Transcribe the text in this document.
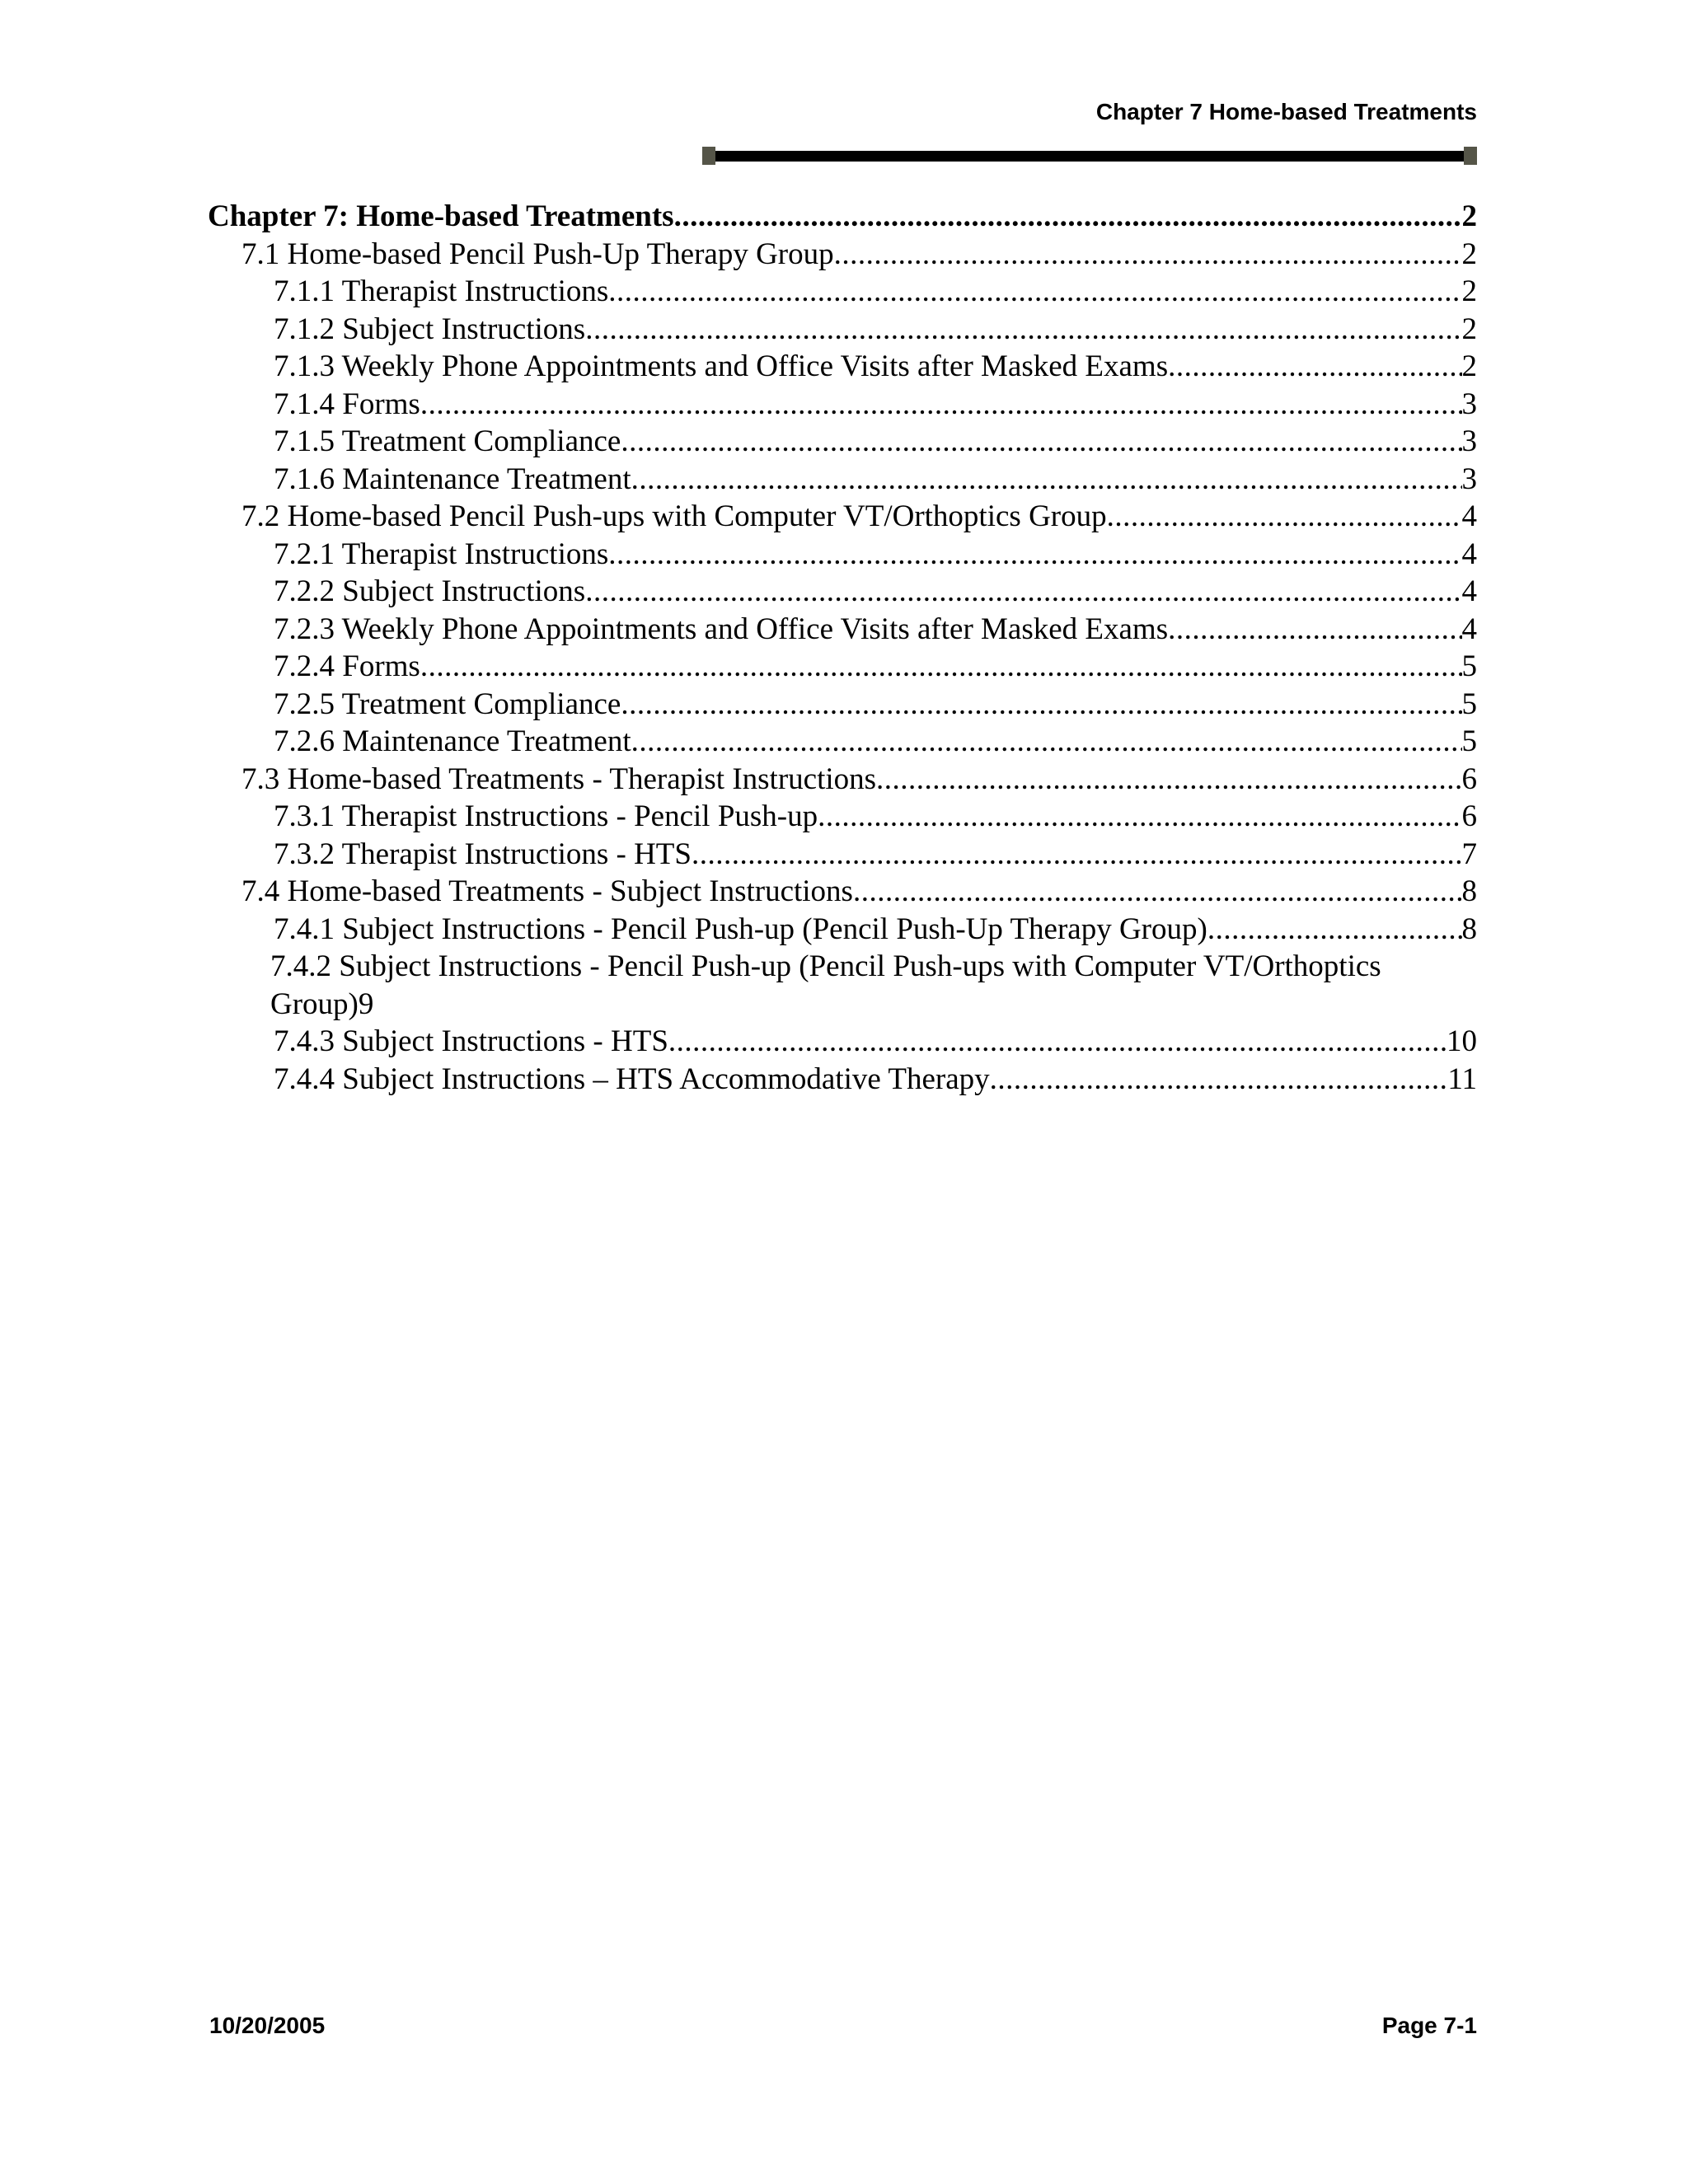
Chapter 7 Home-based Treatments
Chapter 7: Home-based Treatments .....	2
7.1 Home-based Pencil Push-Up Therapy Group .....	2
7.1.1 Therapist Instructions .....	2
7.1.2 Subject Instructions .....	2
7.1.3 Weekly Phone Appointments and Office Visits after Masked Exams .....	2
7.1.4 Forms .....	3
7.1.5 Treatment Compliance .....	3
7.1.6 Maintenance Treatment .....	3
7.2 Home-based Pencil Push-ups with Computer VT/Orthoptics Group .....	4
7.2.1 Therapist Instructions .....	4
7.2.2 Subject Instructions .....	4
7.2.3 Weekly Phone Appointments and Office Visits after Masked Exams .....	4
7.2.4 Forms .....	5
7.2.5 Treatment Compliance .....	5
7.2.6 Maintenance Treatment .....	5
7.3 Home-based Treatments - Therapist Instructions .....	6
7.3.1 Therapist Instructions - Pencil Push-up .....	6
7.3.2 Therapist Instructions - HTS .....	7
7.4 Home-based Treatments - Subject Instructions .....	8
7.4.1 Subject Instructions - Pencil Push-up (Pencil Push-Up Therapy Group) .....	8
7.4.2 Subject Instructions - Pencil Push-up (Pencil Push-ups with Computer VT/Orthoptics
Group) 9
7.4.3 Subject Instructions - HTS .....	10
7.4.4 Subject Instructions – HTS Accommodative Therapy .....	11
10/20/2005	Page 7-1
